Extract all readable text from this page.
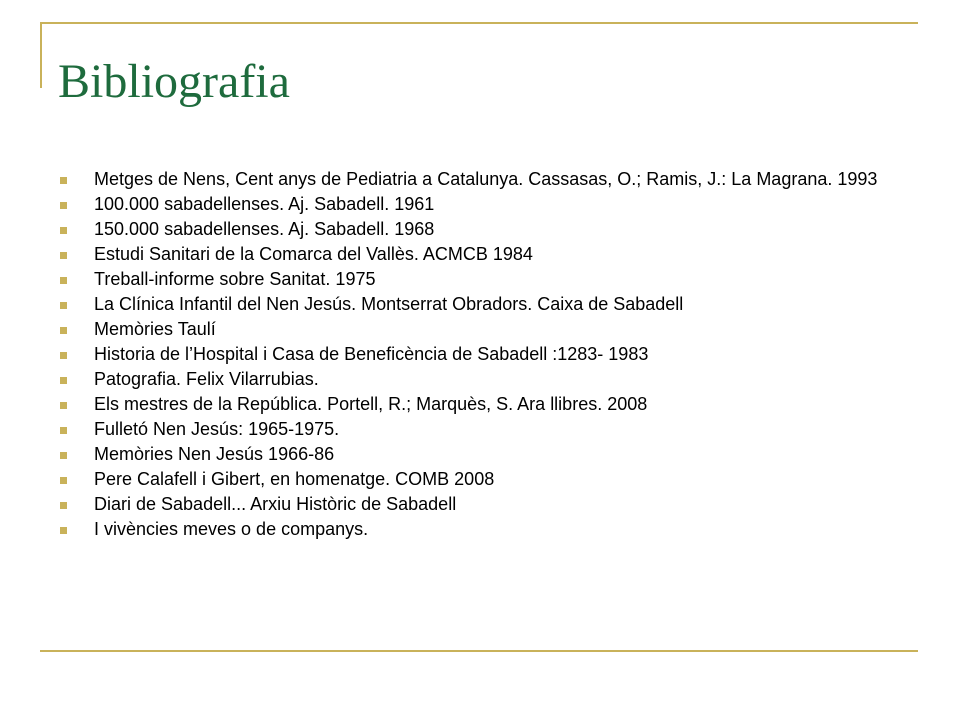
Bibliografia
Metges de Nens, Cent anys de Pediatria a Catalunya. Cassasas, O.; Ramis, J.: La Magrana. 1993
100.000 sabadellenses. Aj. Sabadell. 1961
150.000 sabadellenses. Aj. Sabadell. 1968
Estudi Sanitari de la Comarca del Vallès. ACMCB 1984
Treball-informe sobre Sanitat. 1975
La Clínica Infantil del Nen Jesús. Montserrat Obradors. Caixa de Sabadell
Memòries Taulí
Historia de l’Hospital i Casa de Beneficència de Sabadell :1283- 1983
Patografia. Felix Vilarrubias.
Els mestres de la República. Portell, R.; Marquès, S. Ara llibres. 2008
Fulletó Nen Jesús: 1965-1975.
Memòries Nen Jesús 1966-86
Pere Calafell i Gibert, en homenatge. COMB 2008
Diari de Sabadell... Arxiu Històric de Sabadell
I vivències meves o de companys.
